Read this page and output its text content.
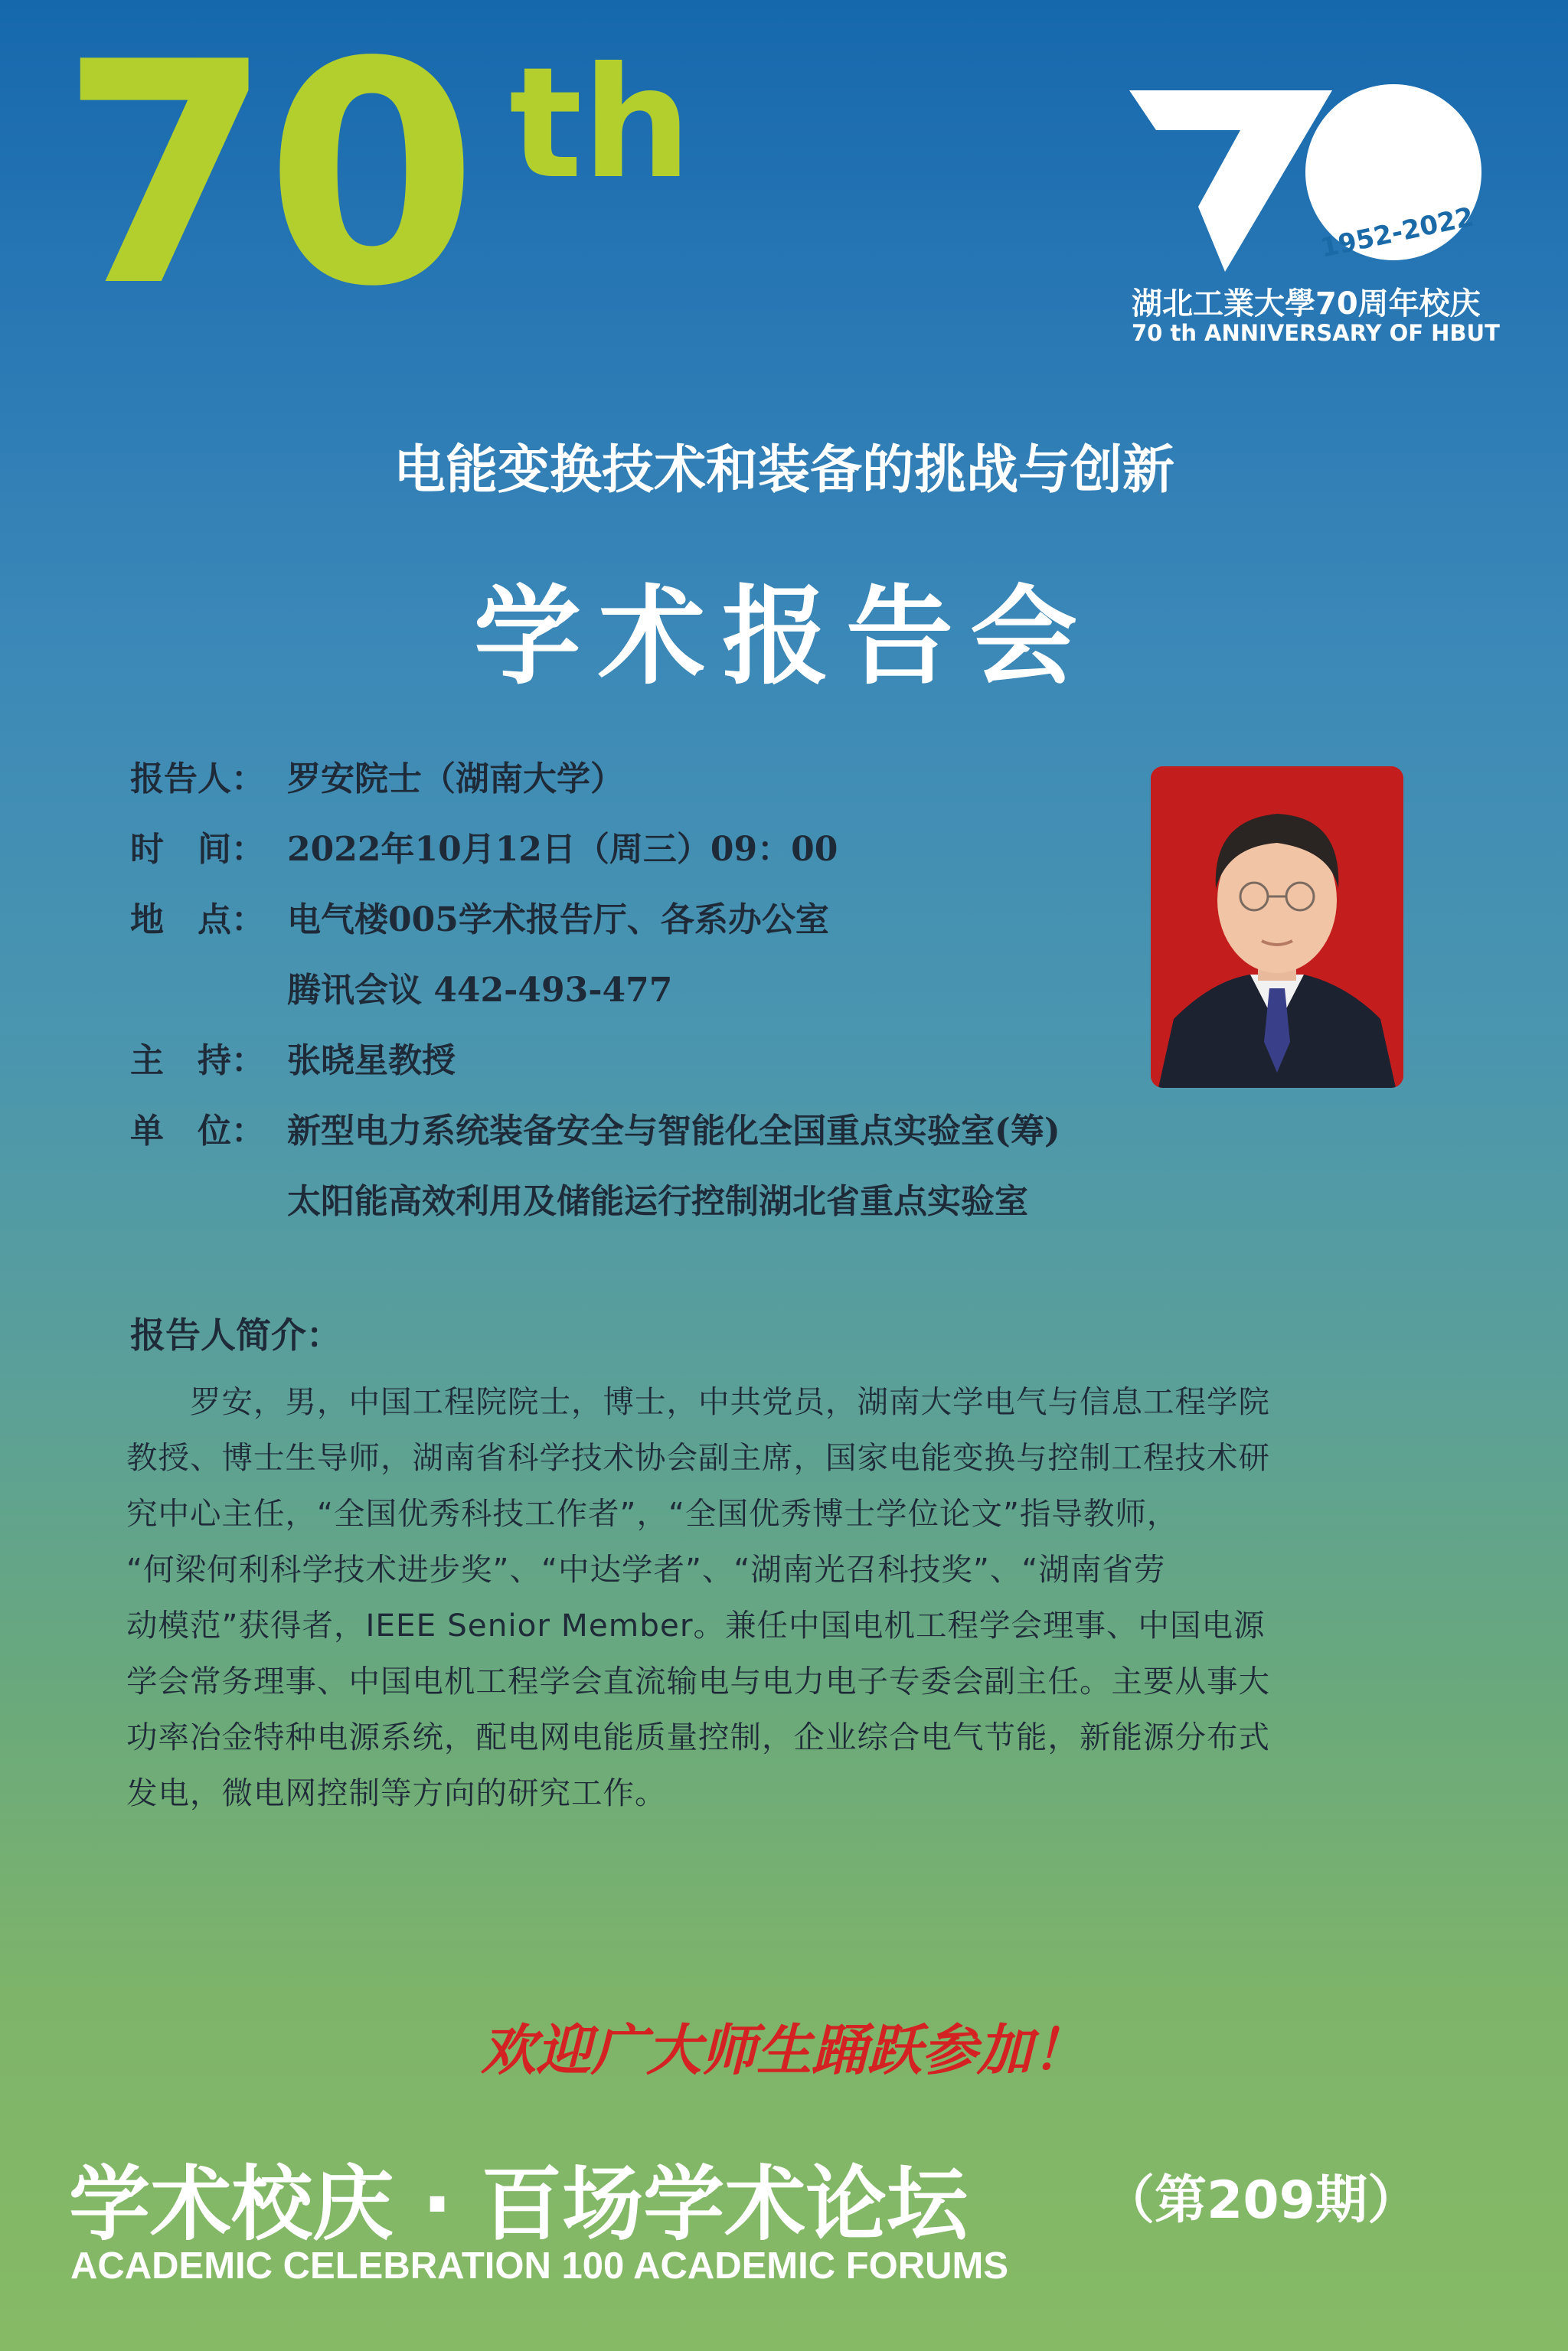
70 th
1952-2022
湖北工業大學70周年校庆
70 th ANNIVERSARY OF HBUT
电能变换技术和装备的挑战与创新
学术报告会
报告人： 罗安院士（湖南大学）
时　间： 2022年10月12日（周三）09：00
地　点： 电气楼005学术报告厅、各系办公室
腾讯会议 442-493-477
主　持： 张晓星教授
单　位： 新型电力系统装备安全与智能化全国重点实验室(筹)
太阳能高效利用及储能运行控制湖北省重点实验室
报告人简介：
　　罗安，男，中国工程院院士，博士，中共党员，湖南大学电气与信息工程学院
教授、博士生导师，湖南省科学技术协会副主席，国家电能变换与控制工程技术研
究中心主任，“全国优秀科技工作者”，“全国优秀博士学位论文”指导教师，
“何梁何利科学技术进步奖”、“中达学者”、“湖南光召科技奖”、“湖南省劳
动模范”获得者，IEEE Senior Member。兼任中国电机工程学会理事、中国电源
学会常务理事、中国电机工程学会直流输电与电力电子专委会副主任。主要从事大
功率冶金特种电源系统，配电网电能质量控制，企业综合电气节能，新能源分布式
发电，微电网控制等方向的研究工作。
欢迎广大师生踊跃参加！
学术校庆 · 百场学术论坛	（第209期）
ACADEMIC CELEBRATION 100 ACADEMIC FORUMS
